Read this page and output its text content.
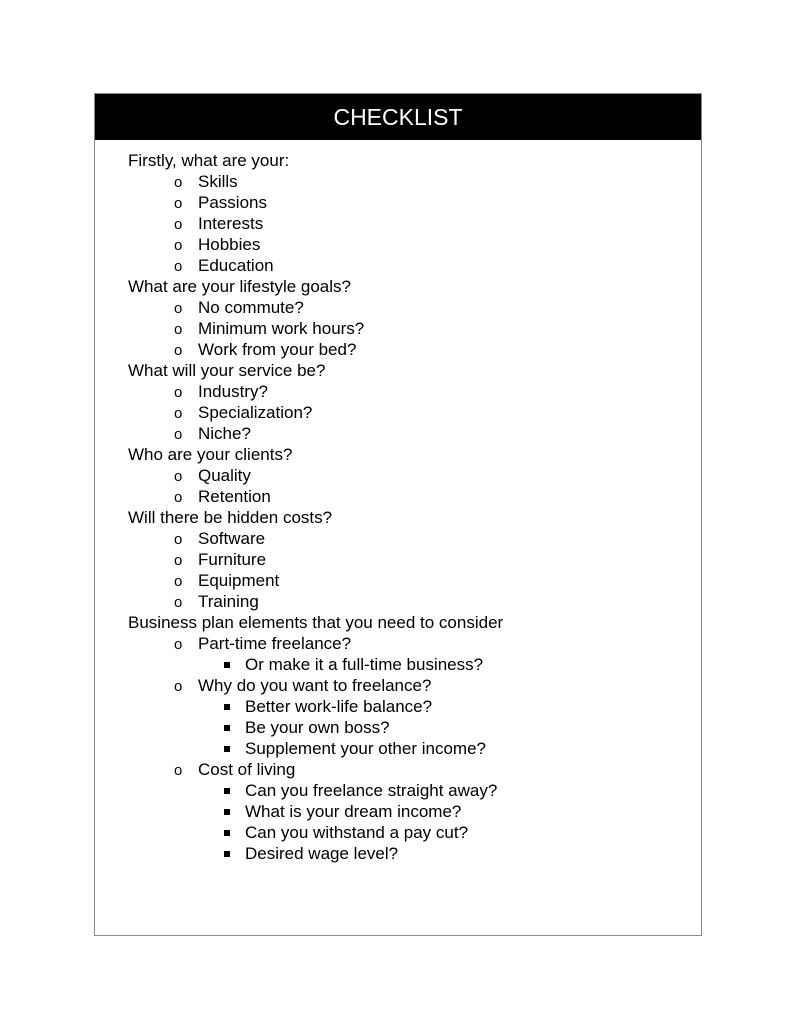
CHECKLIST
Firstly, what are your:
o Skills
o Passions
o Interests
o Hobbies
o Education
What are your lifestyle goals?
o No commute?
o Minimum work hours?
o Work from your bed?
What will your service be?
o Industry?
o Specialization?
o Niche?
Who are your clients?
o Quality
o Retention
Will there be hidden costs?
o Software
o Furniture
o Equipment
o Training
Business plan elements that you need to consider
o Part-time freelance?
Or make it a full-time business?
o Why do you want to freelance?
Better work-life balance?
Be your own boss?
Supplement your other income?
o Cost of living
Can you freelance straight away?
What is your dream income?
Can you withstand a pay cut?
Desired wage level?
